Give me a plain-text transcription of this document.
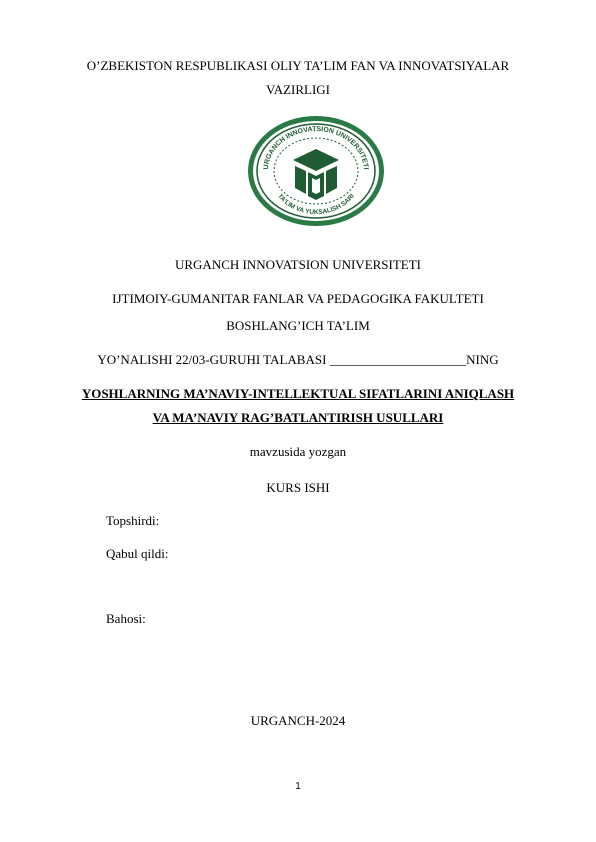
O’ZBEKISTON RESPUBLIKASI OLIY TA’LIM FAN VA INNOVATSIYALAR
VAZIRLIGI
URGANCH INNOVATSION UNIVERSITETI
TA’LIM VA YUKSALISH SARI
URGANCH INNOVATSION UNIVERSITETI
IJTIMOIY-GUMANITAR FANLAR VA PEDAGOGIKA FAKULTETI
BOSHLANG’ICH TA’LIM
YO’NALISHI 22/03-GURUHI TALABASI _____________________NING
YOSHLARNING MA’NAVIY-INTELLEKTUAL SIFATLARINI ANIQLASH
VA MA’NAVIY RAG’BATLANTIRISH USULLARI
mavzusida yozgan
KURS ISHI
Topshirdi:
Qabul qildi:
Bahosi:
URGANCH-2024
1
